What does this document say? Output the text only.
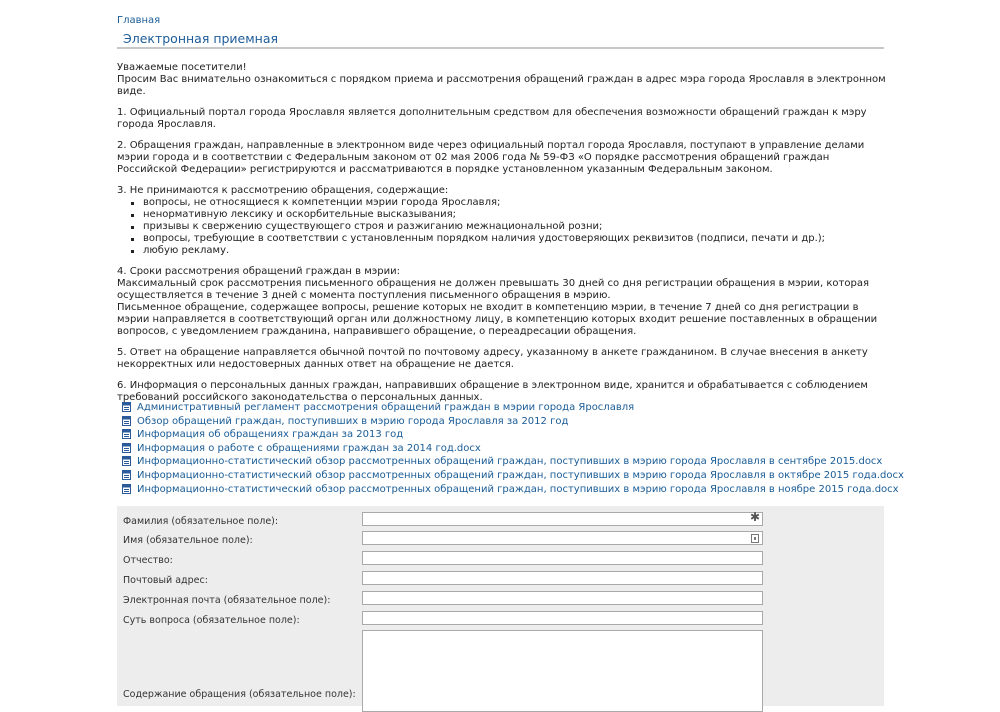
Главная
Электронная приемная

Уважаемые посетители!
Просим Вас внимательно ознакомиться с порядком приема и рассмотрения обращений граждан в адрес мэра города Ярославля в электронном виде.

1. Официальный портал города Ярославля является дополнительным средством для обеспечения возможности обращений граждан к мэру города Ярославля.

2. Обращения граждан, направленные в электронном виде через официальный портал города Ярославля, поступают в управление делами мэрии города и в соответствии с Федеральным законом от 02 мая 2006 года № 59-ФЗ «О порядке рассмотрения обращений граждан Российской Федерации» регистрируются и рассматриваются в порядке установленном указанным Федеральным законом.

3. Не принимаются к рассмотрению обращения, содержащие:
вопросы, не относящиеся к компетенции мэрии города Ярославля;
ненормативную лексику и оскорбительные высказывания;
призывы к свержению существующего строя и разжиганию межнациональной розни;
вопросы, требующие в соответствии с установленным порядком наличия удостоверяющих реквизитов (подписи, печати и др.);
любую рекламу.

4. Сроки рассмотрения обращений граждан в мэрии:
Максимальный срок рассмотрения письменного обращения не должен превышать 30 дней со дня регистрации обращения в мэрии, которая осуществляется в течение 3 дней с момента поступления письменного обращения в мэрию.
Письменное обращение, содержащее вопросы, решение которых не входит в компетенцию мэрии, в течение 7 дней со дня регистрации в мэрии направляется в соответствующий орган или должностному лицу, в компетенцию которых входит решение поставленных в обращении вопросов, с уведомлением гражданина, направившего обращение, о переадресации обращения.

5. Ответ на обращение направляется обычной почтой по почтовому адресу, указанному в анкете гражданином. В случае внесения в анкету некорректных или недостоверных данных ответ на обращение не дается.

6. Информация о персональных данных граждан, направивших обращение в электронном виде, хранится и обрабатывается с соблюдением требований российского законодательства о персональных данных.

Административный регламент рассмотрения обращений граждан в мэрии города Ярославля
Обзор обращений граждан, поступивших в мэрию города Ярославля за 2012 год
Информация об обращениях граждан за 2013 год
Информация о работе с обращениями граждан за 2014 год.docx
Информационно-статистический обзор рассмотренных обращений граждан, поступивших в мэрию города Ярославля в сентябре 2015.docx
Информационно-статистический обзор рассмотренных обращений граждан, поступивших в мэрию города Ярославля в октябре 2015 года.docx
Информационно-статистический обзор рассмотренных обращений граждан, поступивших в мэрию города Ярославля в ноябре 2015 года.docx
Фамилия (обязательное поле):	✱
Имя (обязательное поле):
Отчество:
Почтовый адрес:
Электронная почта (обязательное поле):
Суть вопроса (обязательное поле):
Содержание обращения (обязательное поле):
